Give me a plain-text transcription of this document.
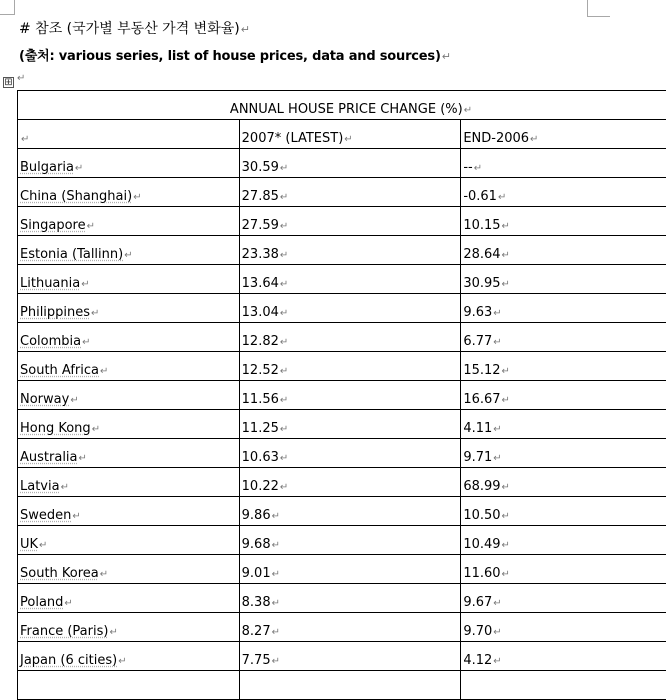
# 참조 (국가별 부동산 가격 변화율)↵
(출처: various series, list of house prices, data and sources)↵
⊞ ↵
ANNUAL HOUSE PRICE CHANGE (%)↵		
↵	2007* (LATEST)↵	END-2006↵
Bulgaria↵	30.59↵	--↵
China (Shanghai)↵	27.85↵	-0.61↵
Singapore↵	27.59↵	10.15↵
Estonia (Tallinn)↵	23.38↵	28.64↵
Lithuania↵	13.64↵	30.95↵
Philippines↵	13.04↵	9.63↵
Colombia↵	12.82↵	6.77↵
South Africa↵	12.52↵	15.12↵
Norway↵	11.56↵	16.67↵
Hong Kong↵	11.25↵	4.11↵
Australia↵	10.63↵	9.71↵
Latvia↵	10.22↵	68.99↵
Sweden↵	9.86↵	10.50↵
UK↵	9.68↵	10.49↵
South Korea↵	9.01↵	11.60↵
Poland↵	8.38↵	9.67↵
France (Paris)↵	8.27↵	9.70↵
Japan (6 cities)↵	7.75↵	4.12↵
